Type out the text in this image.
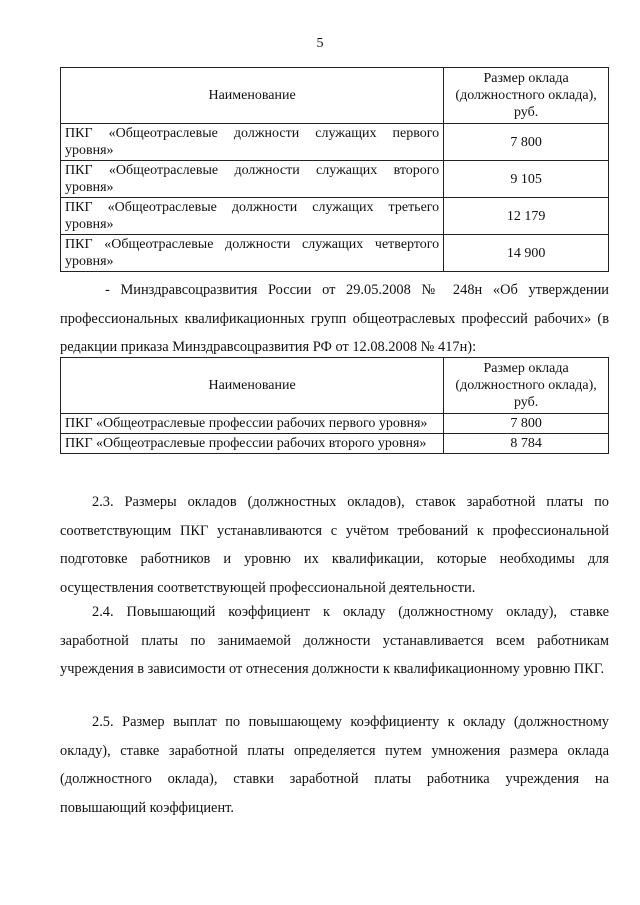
5
Наименование	Размер оклада (должностного оклада), руб.
ПКГ «Общеотраслевые должности служащих первого уровня»	7 800
ПКГ «Общеотраслевые должности служащих второго уровня»	9 105
ПКГ «Общеотраслевые должности служащих третьего уровня»	12 179
ПКГ «Общеотраслевые должности служащих четвертого уровня»	14 900

- Минздравсоцразвития России от 29.05.2008 № 248н «Об утверждении профессиональных квалификационных групп общеотраслевых профессий рабочих» (в редакции приказа Минздравсоцразвития РФ от 12.08.2008 № 417н):

Наименование	Размер оклада (должностного оклада), руб.
ПКГ «Общеотраслевые профессии рабочих первого уровня»	7 800
ПКГ «Общеотраслевые профессии рабочих второго уровня»	8 784

2.3. Размеры окладов (должностных окладов), ставок заработной платы по соответствующим ПКГ устанавливаются с учётом требований к профессиональной подготовке работников и уровню их квалификации, которые необходимы для осуществления соответствующей профессиональной деятельности.

2.4. Повышающий коэффициент к окладу (должностному окладу), ставке заработной платы по занимаемой должности устанавливается всем работникам учреждения в зависимости от отнесения должности к квалификационному уровню ПКГ.

2.5. Размер выплат по повышающему коэффициенту к окладу (должностному окладу), ставке заработной платы определяется путем умножения размера оклада (должностного оклада), ставки заработной платы работника учреждения на повышающий коэффициент.
